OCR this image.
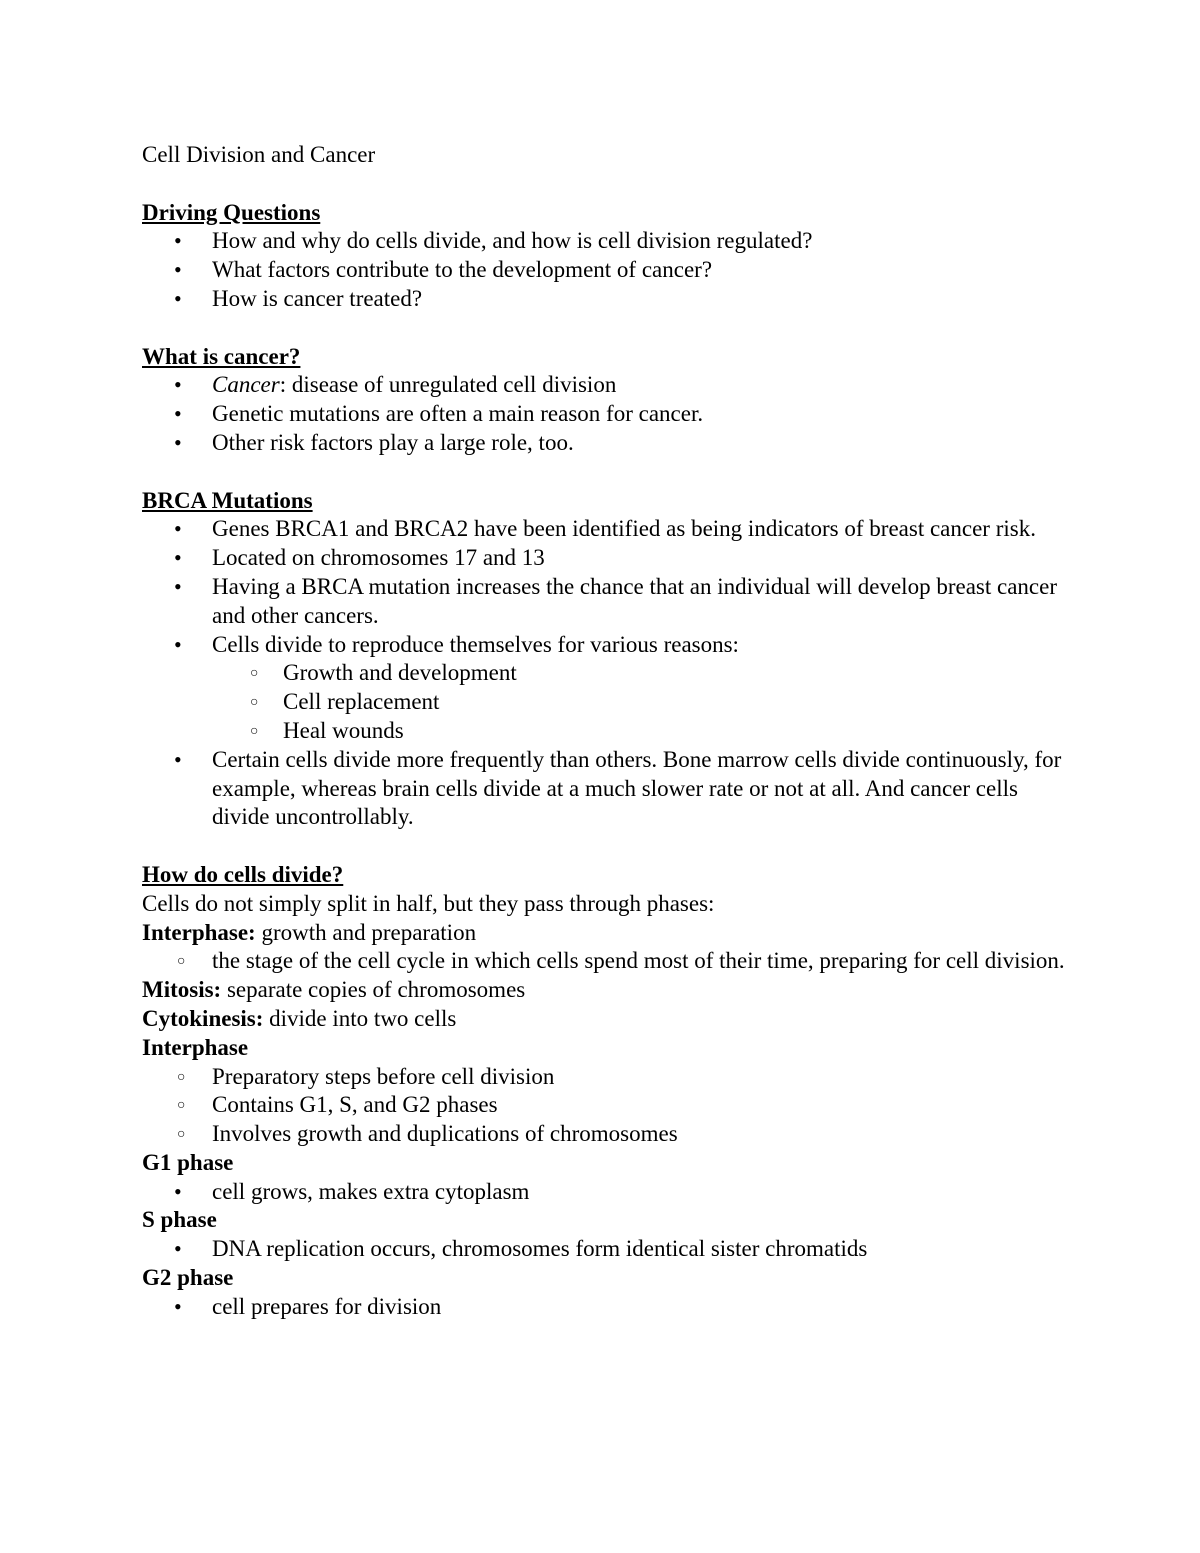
Cell Division and Cancer

Driving Questions

• How and why do cells divide, and how is cell division regulated?
• What factors contribute to the development of cancer?
• How is cancer treated?

What is cancer?

• Cancer: disease of unregulated cell division
• Genetic mutations are often a main reason for cancer.
• Other risk factors play a large role, too.

BRCA Mutations

• Genes BRCA1 and BRCA2 have been identified as being indicators of breast cancer risk.
• Located on chromosomes 17 and 13
• Having a BRCA mutation increases the chance that an individual will develop breast cancer and other cancers.
• Cells divide to reproduce themselves for various reasons:
○ Growth and development
○ Cell replacement
○ Heal wounds
• Certain cells divide more frequently than others. Bone marrow cells divide continuously, for example, whereas brain cells divide at a much slower rate or not at all. And cancer cells divide uncontrollably.

How do cells divide?

Cells do not simply split in half, but they pass through phases:

Interphase: growth and preparation

○ the stage of the cell cycle in which cells spend most of their time, preparing for cell division.

Mitosis: separate copies of chromosomes

Cytokinesis: divide into two cells

Interphase

○ Preparatory steps before cell division
○ Contains G1, S, and G2 phases
○ Involves growth and duplications of chromosomes

G1 phase

• cell grows, makes extra cytoplasm

S phase

• DNA replication occurs, chromosomes form identical sister chromatids

G2 phase

• cell prepares for division
